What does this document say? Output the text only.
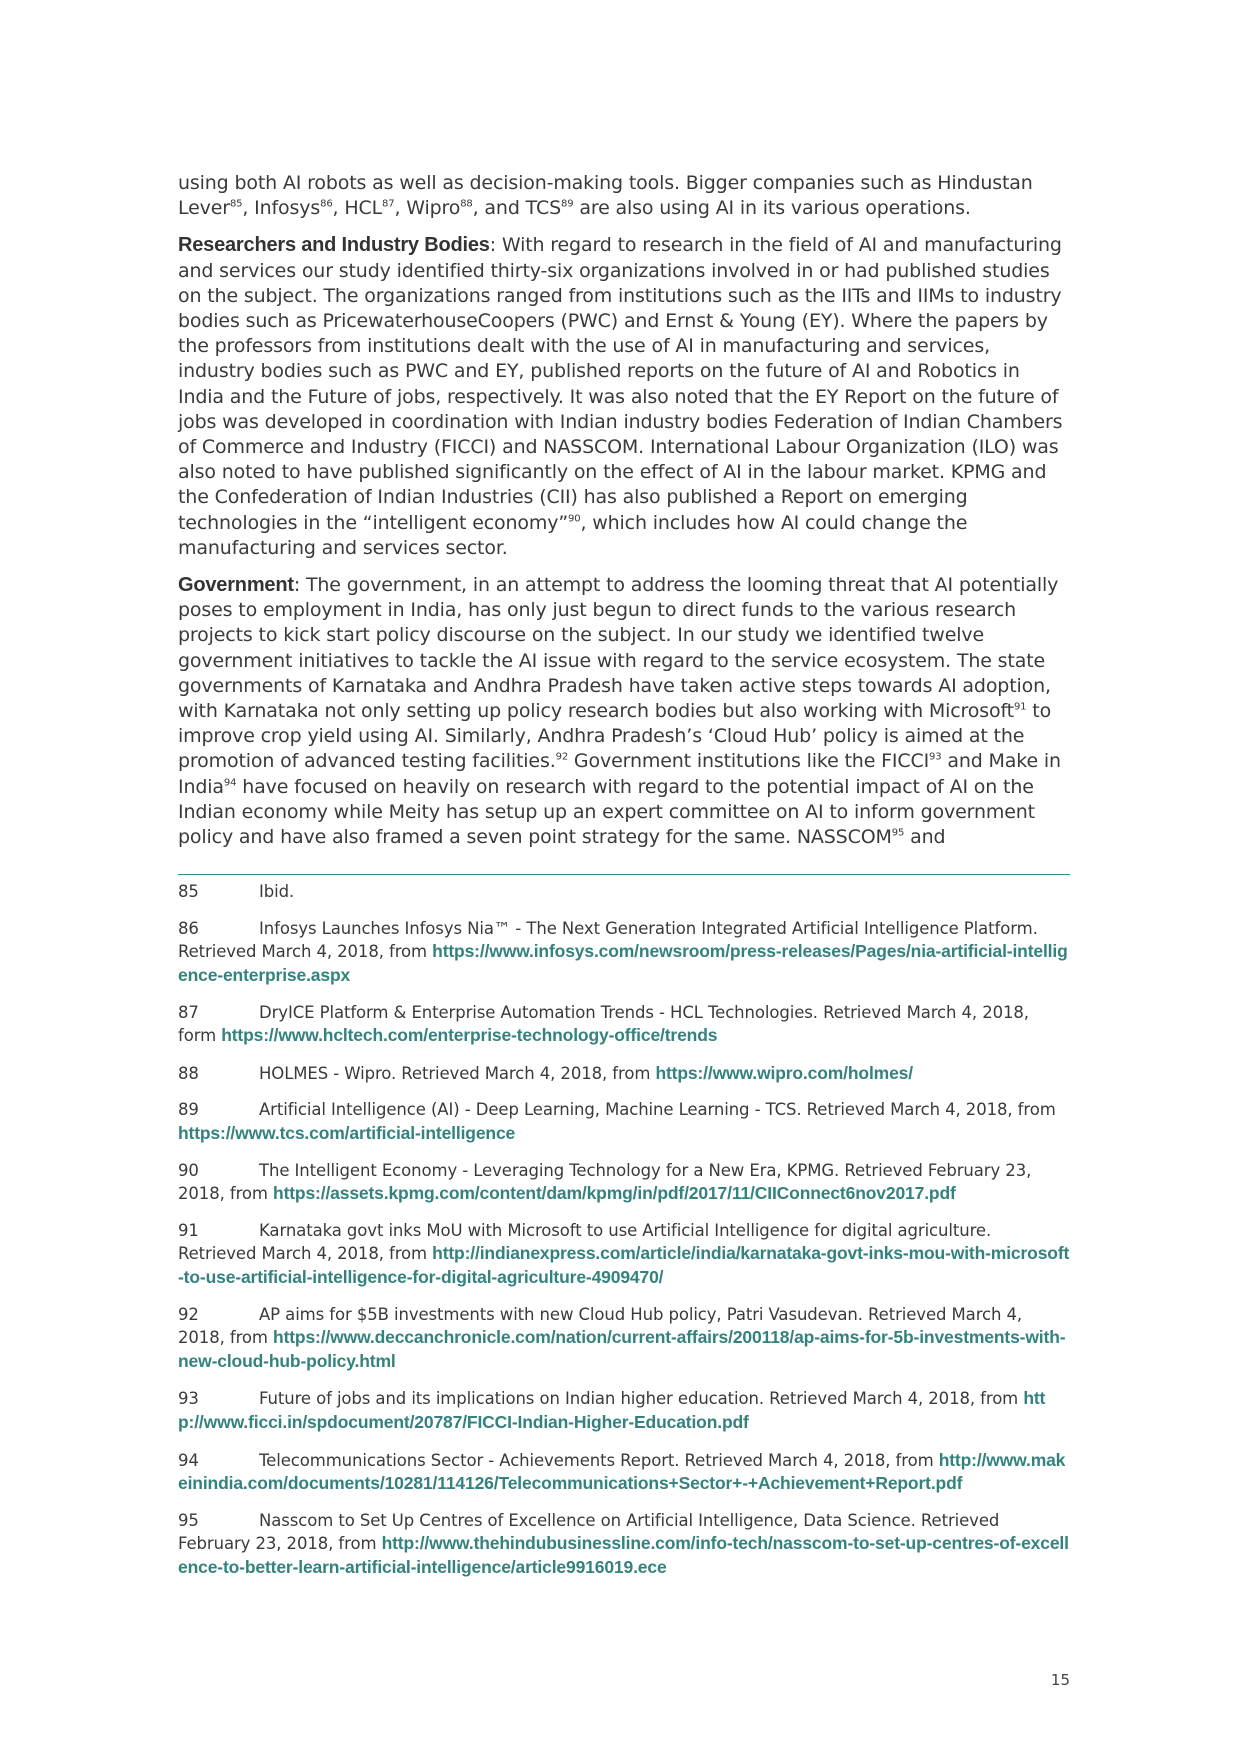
using both AI robots as well as decision-making tools. Bigger companies such as Hindustan Lever$^{85}$, Infosys$^{86}$, HCL$^{87}$, Wipro$^{88}$, and TCS$^{89}$ are also using AI in its various operations.

Researchers and Industry Bodies: With regard to research in the field of AI and manufacturing and services our study identified thirty-six organizations involved in or had published studies on the subject. The organizations ranged from institutions such as the IITs and IIMs to industry bodies such as PricewaterhouseCoopers (PWC) and Ernst & Young (EY). Where the papers by the professors from institutions dealt with the use of AI in manufacturing and services, industry bodies such as PWC and EY, published reports on the future of AI and Robotics in India and the Future of jobs, respectively. It was also noted that the EY Report on the future of jobs was developed in coordination with Indian industry bodies Federation of Indian Chambers of Commerce and Industry (FICCI) and NASSCOM. International Labour Organization (ILO) was also noted to have published significantly on the effect of AI in the labour market. KPMG and the Confederation of Indian Industries (CII) has also published a Report on emerging technologies in the “intelligent economy”$^{90}$, which includes how AI could change the manufacturing and services sector.

Government: The government, in an attempt to address the looming threat that AI potentially poses to employment in India, has only just begun to direct funds to the various research projects to kick start policy discourse on the subject. In our study we identified twelve government initiatives to tackle the AI issue with regard to the service ecosystem. The state governments of Karnataka and Andhra Pradesh have taken active steps towards AI adoption, with Karnataka not only setting up policy research bodies but also working with Microsoft$^{91}$ to improve crop yield using AI. Similarly, Andhra Pradesh’s ‘Cloud Hub’ policy is aimed at the promotion of advanced testing facilities.$^{92}$ Government institutions like the FICCI$^{93}$ and Make in India$^{94}$ have focused on heavily on research with regard to the potential impact of AI on the Indian economy while Meity has setup up an expert committee on AI to inform government policy and have also framed a seven point strategy for the same. NASSCOM$^{95}$ and

85	Ibid.

86	Infosys Launches Infosys Nia™ - The Next Generation Integrated Artificial Intelligence Platform. Retrieved March 4, 2018, from https://www.infosys.com/newsroom/press-releases/Pages/nia-artificial-intelligence-enterprise.aspx

87	DryICE Platform & Enterprise Automation Trends - HCL Technologies. Retrieved March 4, 2018, form https://www.hcltech.com/enterprise-technology-office/trends

88	HOLMES - Wipro. Retrieved March 4, 2018, from https://www.wipro.com/holmes/

89	Artificial Intelligence (AI) - Deep Learning, Machine Learning - TCS. Retrieved March 4, 2018, from https://www.tcs.com/artificial-intelligence

90	The Intelligent Economy - Leveraging Technology for a New Era, KPMG. Retrieved February 23, 2018, from https://assets.kpmg.com/content/dam/kpmg/in/pdf/2017/11/CIIConnect6nov2017.pdf

91	Karnataka govt inks MoU with Microsoft to use Artificial Intelligence for digital agriculture. Retrieved March 4, 2018, from http://indianexpress.com/article/india/karnataka-govt-inks-mou-with-microsoft-to-use-artificial-intelligence-for-digital-agriculture-4909470/

92	AP aims for $5B investments with new Cloud Hub policy, Patri Vasudevan. Retrieved March 4, 2018, from https://www.deccanchronicle.com/nation/current-affairs/200118/ap-aims-for-5b-investments-with-new-cloud-hub-policy.html

93	Future of jobs and its implications on Indian higher education. Retrieved March 4, 2018, from http://www.ficci.in/spdocument/20787/FICCI-Indian-Higher-Education.pdf

94	Telecommunications Sector - Achievements Report. Retrieved March 4, 2018, from http://www.makeinindia.com/documents/10281/114126/Telecommunications+Sector+-+Achievement+Report.pdf

95	Nasscom to Set Up Centres of Excellence on Artificial Intelligence, Data Science. Retrieved February 23, 2018, from http://www.thehindubusinessline.com/info-tech/nasscom-to-set-up-centres-of-excellence-to-better-learn-artificial-intelligence/article9916019.ece

15
